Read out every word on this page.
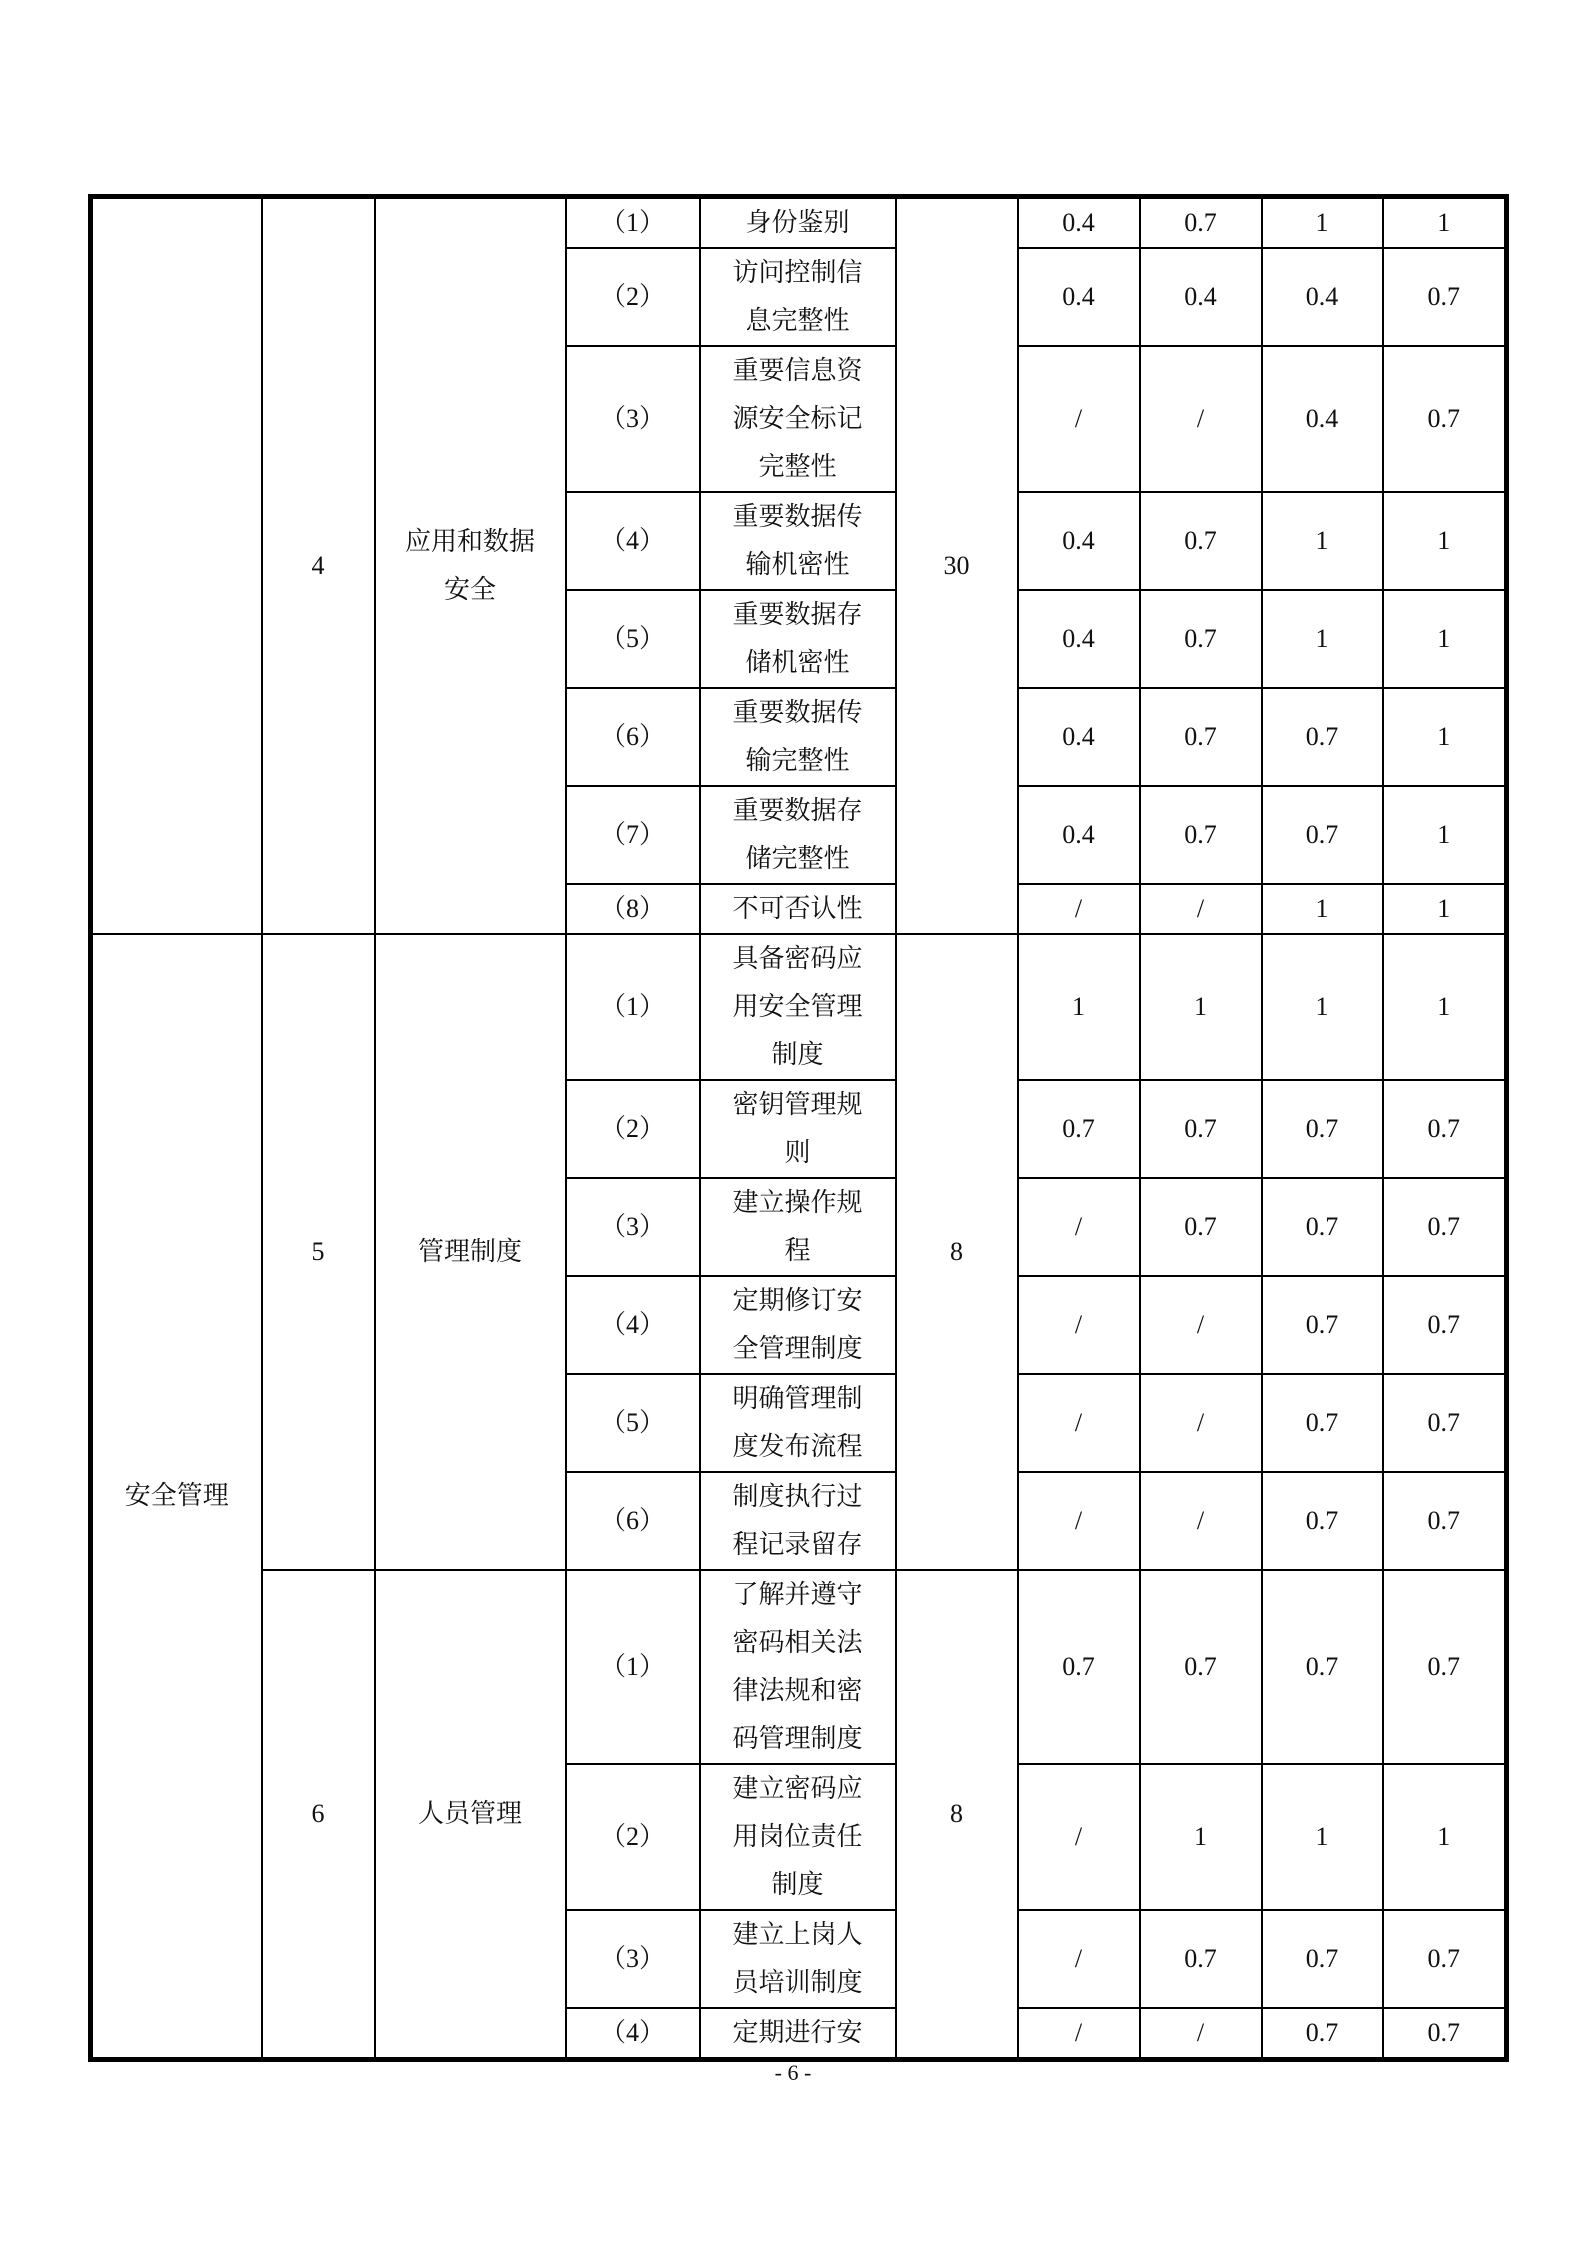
	4	应用和数据安全	（1）	身份鉴别	30	0.4	0.7	1	1
			（2）	访问控制信息完整性		0.4	0.4	0.4	0.7
			（3）	重要信息资源安全标记完整性		/	/	0.4	0.7
			（4）	重要数据传输机密性		0.4	0.7	1	1
			（5）	重要数据存储机密性		0.4	0.7	1	1
			（6）	重要数据传输完整性		0.4	0.7	0.7	1
			（7）	重要数据存储完整性		0.4	0.7	0.7	1
			（8）	不可否认性		/	/	1	1
安全管理	5	管理制度	（1）	具备密码应用安全管理制度	8	1	1	1	1
			（2）	密钥管理规则		0.7	0.7	0.7	0.7
			（3）	建立操作规程		/	0.7	0.7	0.7
			（4）	定期修订安全管理制度		/	/	0.7	0.7
			（5）	明确管理制度发布流程		/	/	0.7	0.7
			（6）	制度执行过程记录留存		/	/	0.7	0.7
	6	人员管理	（1）	了解并遵守密码相关法律法规和密码管理制度	8	0.7	0.7	0.7	0.7
			（2）	建立密码应用岗位责任制度		/	1	1	1
			（3）	建立上岗人员培训制度		/	0.7	0.7	0.7
			（4）	定期进行安		/	/	0.7	0.7
- 6 -
